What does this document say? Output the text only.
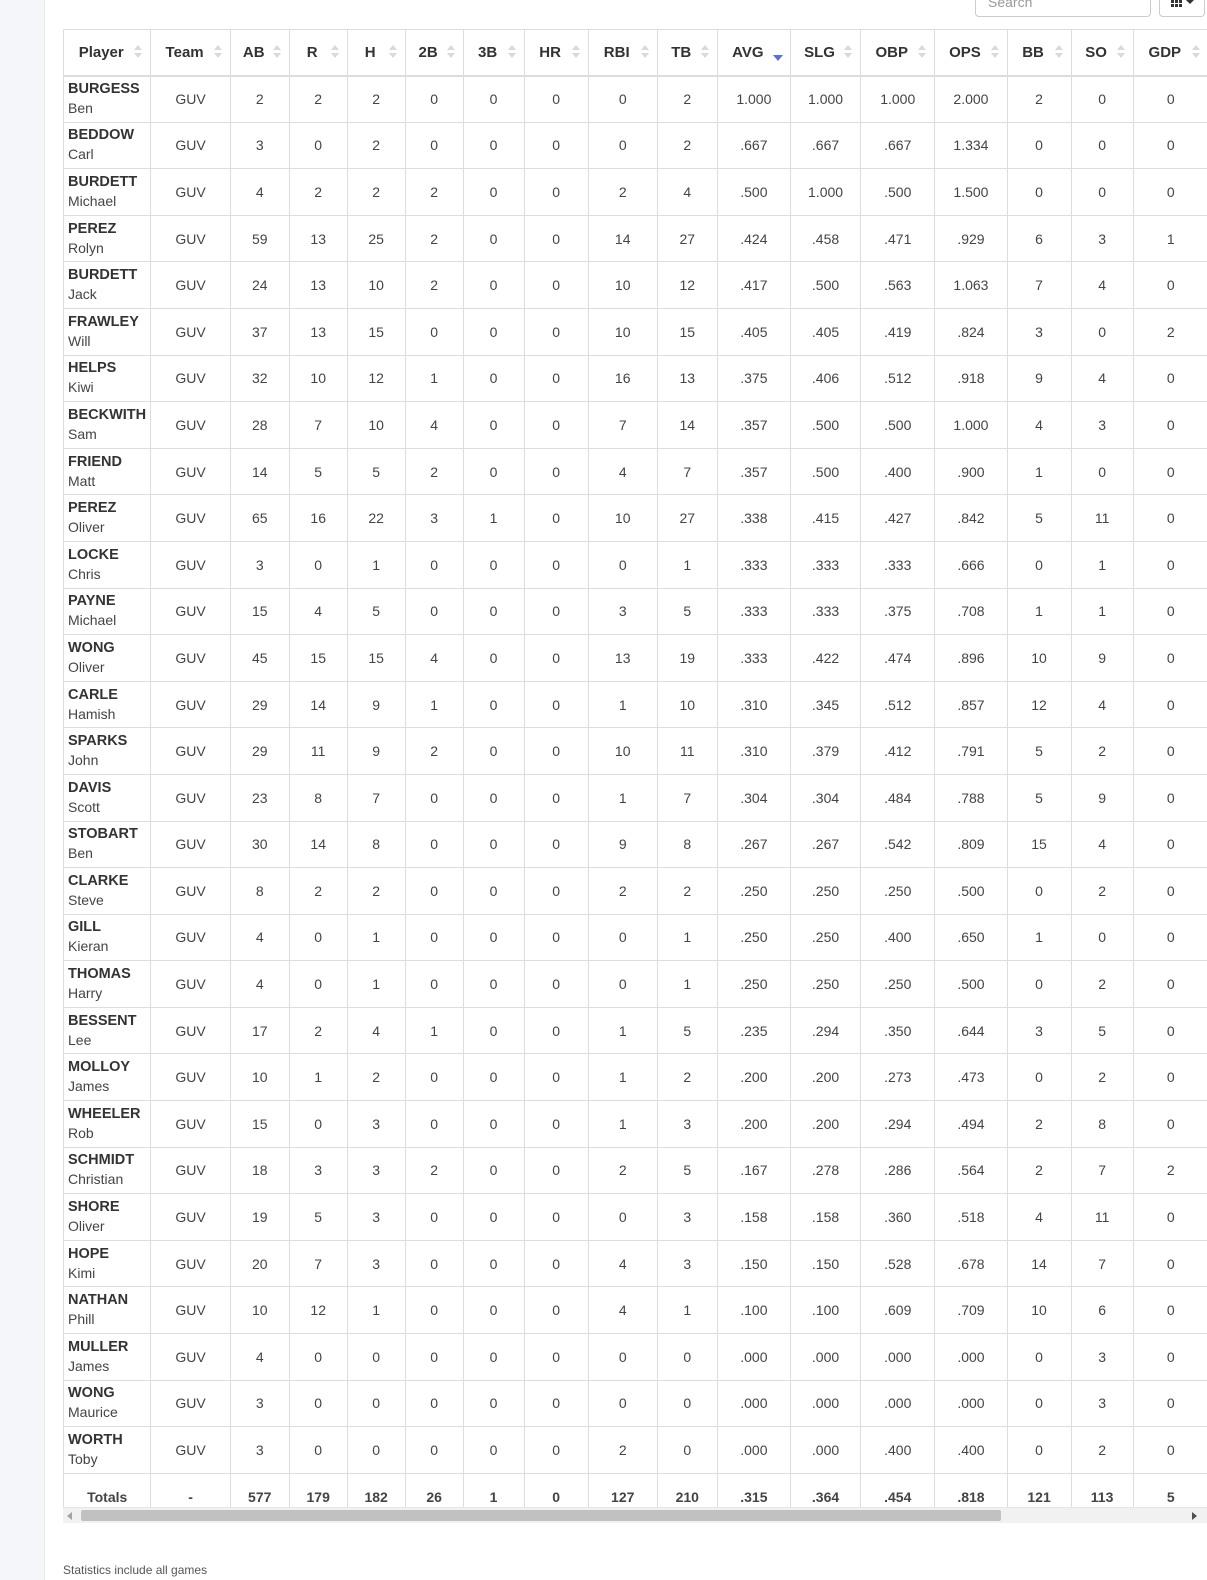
Search
Player	Team	AB	R	H	2B	3B	HR	RBI	TB	AVG	SLG	OBP	OPS	BB	SO	GDP

BURGESS
Ben	GUV	2	2	2	0	0	0	0	2	1.000	1.000	1.000	2.000	2	0	0

BEDDOW
Carl	GUV	3	0	2	0	0	0	0	2	.667	.667	.667	1.334	0	0	0

BURDETT
Michael	GUV	4	2	2	2	0	0	2	4	.500	1.000	.500	1.500	0	0	0

PEREZ
Rolyn	GUV	59	13	25	2	0	0	14	27	.424	.458	.471	.929	6	3	1

BURDETT
Jack	GUV	24	13	10	2	0	0	10	12	.417	.500	.563	1.063	7	4	0

FRAWLEY
Will	GUV	37	13	15	0	0	0	10	15	.405	.405	.419	.824	3	0	2

HELPS
Kiwi	GUV	32	10	12	1	0	0	16	13	.375	.406	.512	.918	9	4	0

BECKWITH
Sam	GUV	28	7	10	4	0	0	7	14	.357	.500	.500	1.000	4	3	0

FRIEND
Matt	GUV	14	5	5	2	0	0	4	7	.357	.500	.400	.900	1	0	0

PEREZ
Oliver	GUV	65	16	22	3	1	0	10	27	.338	.415	.427	.842	5	11	0

LOCKE
Chris	GUV	3	0	1	0	0	0	0	1	.333	.333	.333	.666	0	1	0

PAYNE
Michael	GUV	15	4	5	0	0	0	3	5	.333	.333	.375	.708	1	1	0

WONG
Oliver	GUV	45	15	15	4	0	0	13	19	.333	.422	.474	.896	10	9	0

CARLE
Hamish	GUV	29	14	9	1	0	0	1	10	.310	.345	.512	.857	12	4	0

SPARKS
John	GUV	29	11	9	2	0	0	10	11	.310	.379	.412	.791	5	2	0

DAVIS
Scott	GUV	23	8	7	0	0	0	1	7	.304	.304	.484	.788	5	9	0

STOBART
Ben	GUV	30	14	8	0	0	0	9	8	.267	.267	.542	.809	15	4	0

CLARKE
Steve	GUV	8	2	2	0	0	0	2	2	.250	.250	.250	.500	0	2	0

GILL
Kieran	GUV	4	0	1	0	0	0	0	1	.250	.250	.400	.650	1	0	0

THOMAS
Harry	GUV	4	0	1	0	0	0	0	1	.250	.250	.250	.500	0	2	0

BESSENT
Lee	GUV	17	2	4	1	0	0	1	5	.235	.294	.350	.644	3	5	0

MOLLOY
James	GUV	10	1	2	0	0	0	1	2	.200	.200	.273	.473	0	2	0

WHEELER
Rob	GUV	15	0	3	0	0	0	1	3	.200	.200	.294	.494	2	8	0

SCHMIDT
Christian	GUV	18	3	3	2	0	0	2	5	.167	.278	.286	.564	2	7	2

SHORE
Oliver	GUV	19	5	3	0	0	0	0	3	.158	.158	.360	.518	4	11	0

HOPE
Kimi	GUV	20	7	3	0	0	0	4	3	.150	.150	.528	.678	14	7	0

NATHAN
Phill	GUV	10	12	1	0	0	0	4	1	.100	.100	.609	.709	10	6	0

MULLER
James	GUV	4	0	0	0	0	0	0	0	.000	.000	.000	.000	0	3	0

WONG
Maurice	GUV	3	0	0	0	0	0	0	0	.000	.000	.000	.000	0	3	0

WORTH
Toby	GUV	3	0	0	0	0	0	2	0	.000	.000	.400	.400	0	2	0
Totals	-	577	179	182	26	1	0	127	210	.315	.364	.454	.818	121	113	5
Statistics include all games
